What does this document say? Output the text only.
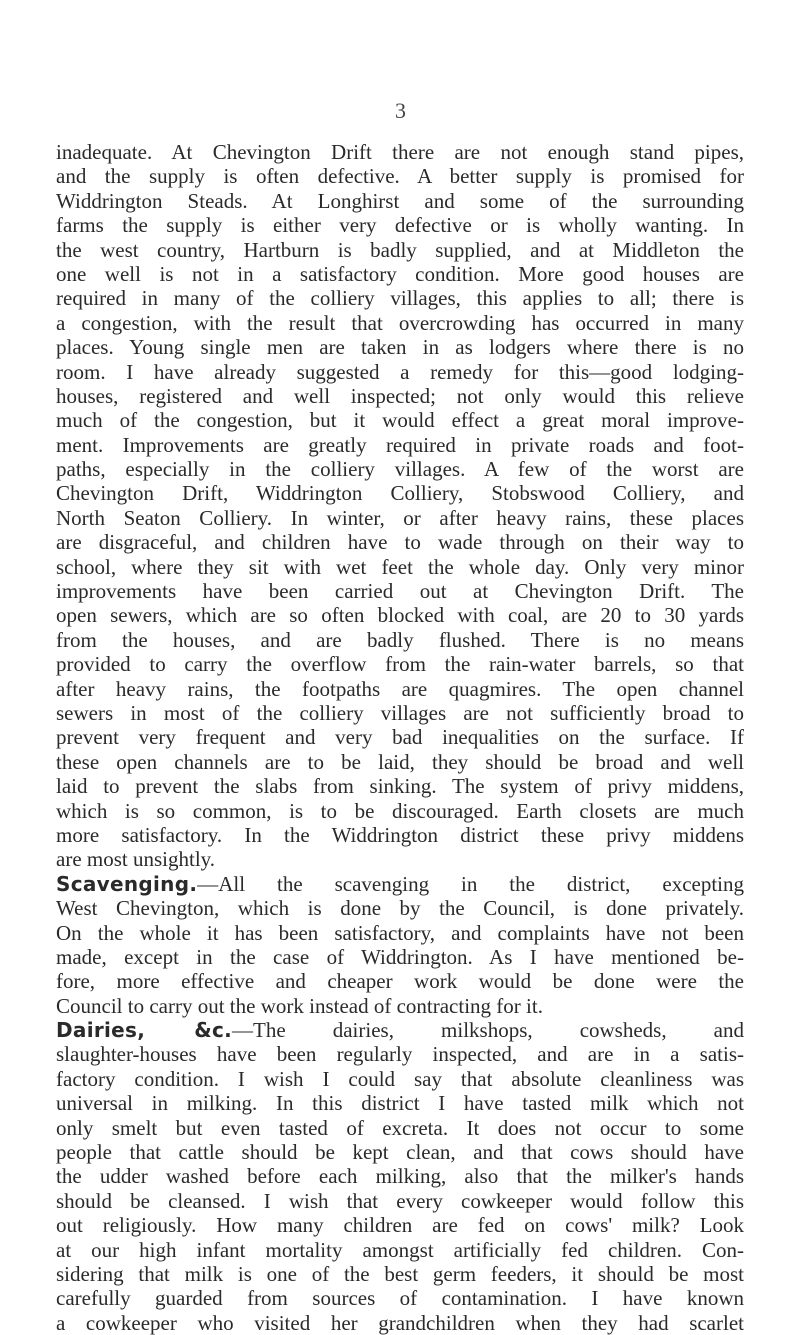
3
inadequate. At Chevington Drift there are not enough stand pipes,
and the supply is often defective. A better supply is promised for
Widdrington Steads. At Longhirst and some of the surrounding
farms the supply is either very defective or is wholly wanting. In
the west country, Hartburn is badly supplied, and at Middleton the
one well is not in a satisfactory condition. More good houses are
required in many of the colliery villages, this applies to all; there is
a congestion, with the result that overcrowding has occurred in many
places. Young single men are taken in as lodgers where there is no
room. I have already suggested a remedy for this—good lodging-
houses, registered and well inspected; not only would this relieve
much of the congestion, but it would effect a great moral improve-
ment. Improvements are greatly required in private roads and foot-
paths, especially in the colliery villages. A few of the worst are
Chevington Drift, Widdrington Colliery, Stobswood Colliery, and
North Seaton Colliery. In winter, or after heavy rains, these places
are disgraceful, and children have to wade through on their way to
school, where they sit with wet feet the whole day. Only very minor
improvements have been carried out at Chevington Drift. The
open sewers, which are so often blocked with coal, are 20 to 30 yards
from the houses, and are badly flushed. There is no means
provided to carry the overflow from the rain-water barrels, so that
after heavy rains, the footpaths are quagmires. The open channel
sewers in most of the colliery villages are not sufficiently broad to
prevent very frequent and very bad inequalities on the surface. If
these open channels are to be laid, they should be broad and well
laid to prevent the slabs from sinking. The system of privy middens,
which is so common, is to be discouraged. Earth closets are much
more satisfactory. In the Widdrington district these privy middens
are most unsightly.
Scavenging.—All the scavenging in the district, excepting
West Chevington, which is done by the Council, is done privately.
On the whole it has been satisfactory, and complaints have not been
made, except in the case of Widdrington. As I have mentioned be-
fore, more effective and cheaper work would be done were the
Council to carry out the work instead of contracting for it.
Dairies, &c.—The dairies, milkshops, cowsheds, and
slaughter-houses have been regularly inspected, and are in a satis-
factory condition. I wish I could say that absolute cleanliness was
universal in milking. In this district I have tasted milk which not
only smelt but even tasted of excreta. It does not occur to some
people that cattle should be kept clean, and that cows should have
the udder washed before each milking, also that the milker's hands
should be cleansed. I wish that every cowkeeper would follow this
out religiously. How many children are fed on cows' milk? Look
at our high infant mortality amongst artificially fed children. Con-
sidering that milk is one of the best germ feeders, it should be most
carefully guarded from sources of contamination. I have known
a cowkeeper who visited her grandchildren when they had scarlet
